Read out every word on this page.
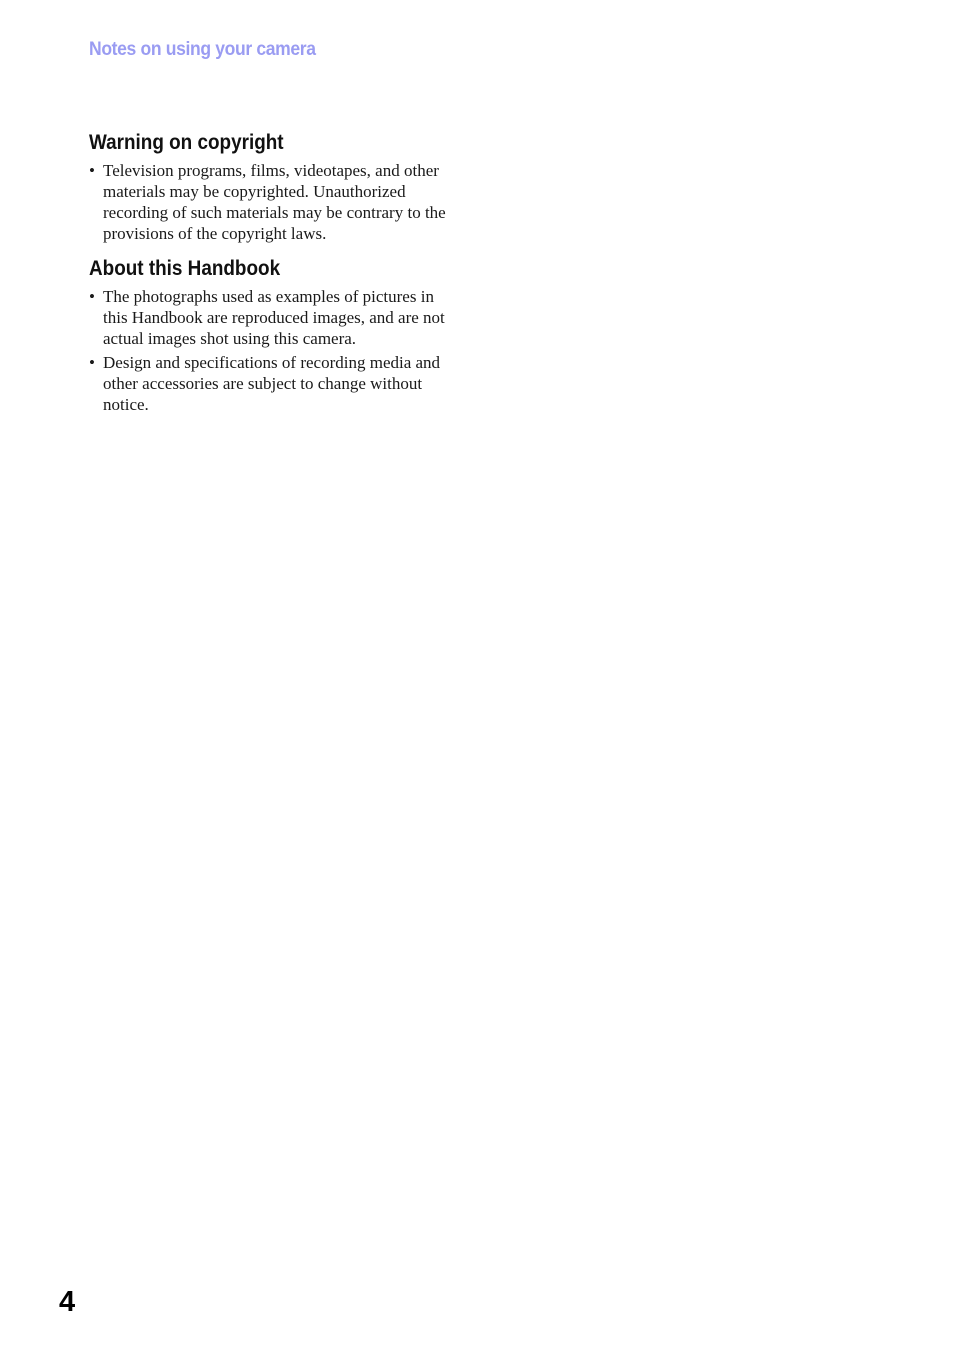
Notes on using your camera
Warning on copyright
• Television programs, films, videotapes, and other materials may be copyrighted. Unauthorized recording of such materials may be contrary to the provisions of the copyright laws.
About this Handbook
• The photographs used as examples of pictures in this Handbook are reproduced images, and are not actual images shot using this camera.
• Design and specifications of recording media and other accessories are subject to change without notice.
4
